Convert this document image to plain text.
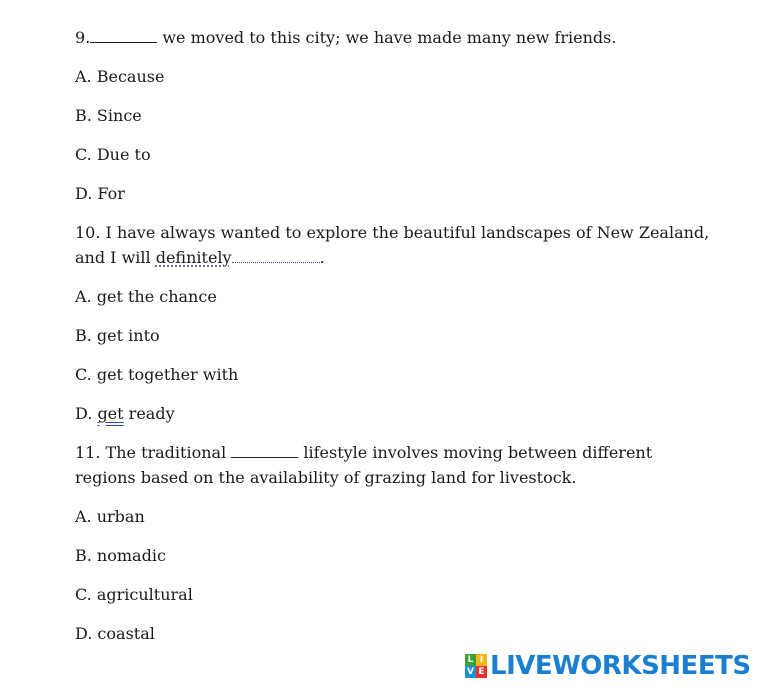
9.	we moved to this city; we have made many new friends.

A. Because

B. Since

C. Due to

D. For

10. I have always wanted to explore the beautiful landscapes of New Zealand,
and I will definitely	.

A. get the chance

B. get into

C. get together with

D. get ready

11. The traditional	lifestyle involves moving between different regions based on the availability of grazing land for livestock.

A. urban

B. nomadic

C. agricultural

D. coastal

L I
V E LIVEWORKSHEETS
